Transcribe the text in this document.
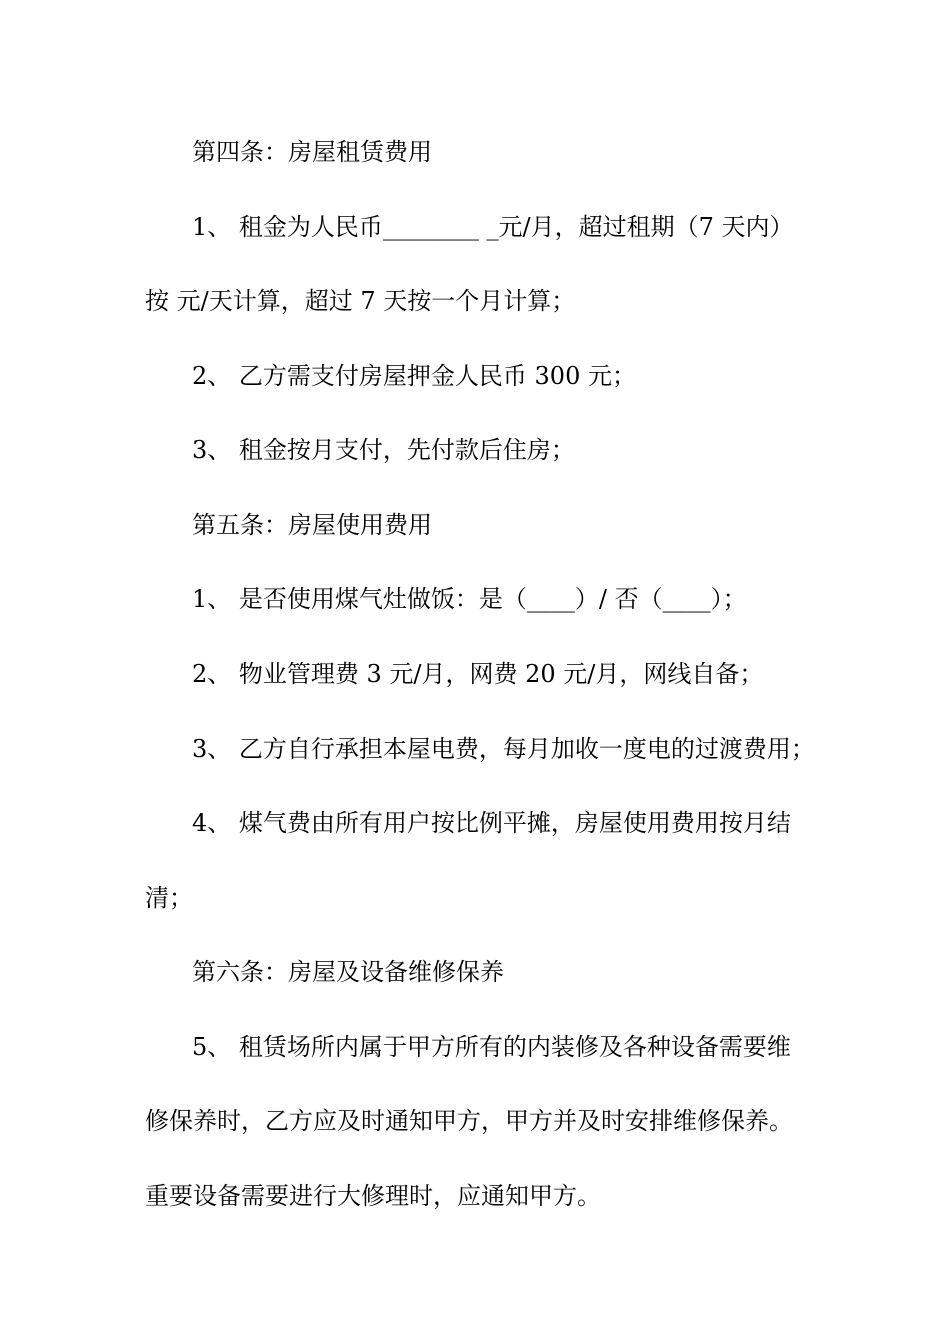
第四条：房屋租赁费用
1、 租金为人民币________ _元/月，超过租期（7 天内）
按 元/天计算，超过 7 天按一个月计算；
2、 乙方需支付房屋押金人民币 300 元；
3、 租金按月支付，先付款后住房；
第五条：房屋使用费用
1、 是否使用煤气灶做饭：是（____）/ 否（____）；
2、 物业管理费 3 元/月，网费 20 元/月，网线自备；
3、 乙方自行承担本屋电费，每月加收一度电的过渡费用；
4、 煤气费由所有用户按比例平摊，房屋使用费用按月结
清；
第六条：房屋及设备维修保养
5、 租赁场所内属于甲方所有的内装修及各种设备需要维
修保养时，乙方应及时通知甲方，甲方并及时安排维修保养。
重要设备需要进行大修理时，应通知甲方。
